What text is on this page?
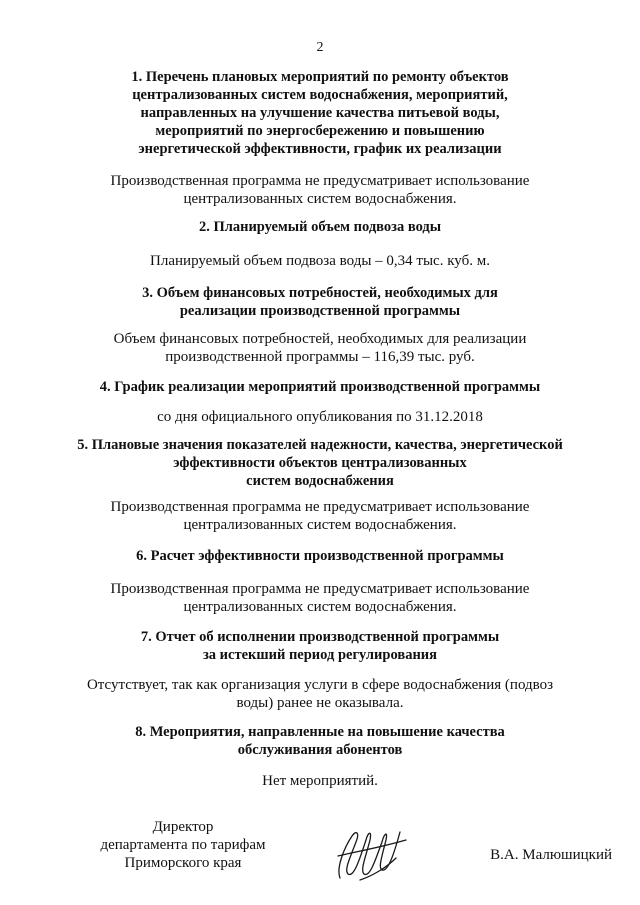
2
1. Перечень плановых мероприятий по ремонту объектов
централизованных систем водоснабжения, мероприятий,
направленных на улучшение качества питьевой воды,
мероприятий по энергосбережению и повышению
энергетической эффективности, график их реализации
Производственная программа не предусматривает использование
централизованных систем водоснабжения.
2. Планируемый объем подвоза воды
Планируемый объем подвоза воды – 0,34 тыс. куб. м.
3. Объем финансовых потребностей, необходимых для
реализации производственной программы
Объем финансовых потребностей, необходимых для реализации
производственной программы – 116,39 тыс. руб.
4. График реализации мероприятий производственной программы
со дня официального опубликования по 31.12.2018
5. Плановые значения показателей надежности, качества, энергетической
эффективности объектов централизованных
систем водоснабжения
Производственная программа не предусматривает использование
централизованных систем водоснабжения.
6. Расчет эффективности производственной программы
Производственная программа не предусматривает использование
централизованных систем водоснабжения.
7. Отчет об исполнении производственной программы
за истекший период регулирования
Отсутствует, так как организация услуги в сфере водоснабжения (подвоз
воды) ранее не оказывала.
8. Мероприятия, направленные на повышение качества
обслуживания абонентов
Нет мероприятий.
Директор
департамента по тарифам
Приморского края	В.А. Малюшицкий
